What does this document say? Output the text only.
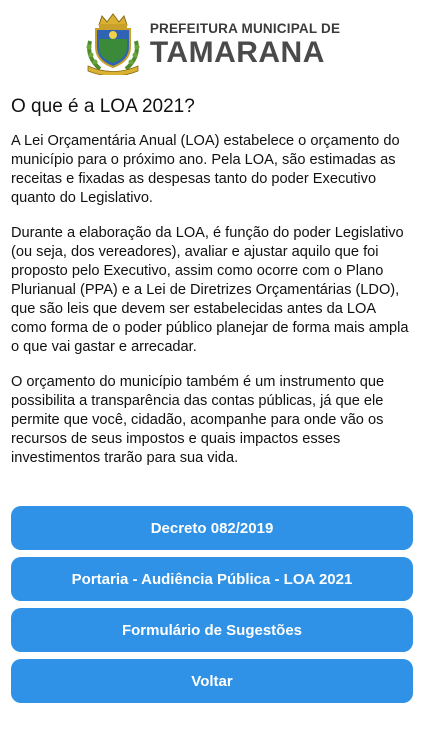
PREFEITURA MUNICIPAL DE
TAMARANA
O que é a LOA 2021?

A Lei Orçamentária Anual (LOA) estabelece o orçamento do município para o próximo ano. Pela LOA, são estimadas as receitas e fixadas as despesas tanto do poder Executivo quanto do Legislativo.

Durante a elaboração da LOA, é função do poder Legislativo (ou seja, dos vereadores), avaliar e ajustar aquilo que foi proposto pelo Executivo, assim como ocorre com o Plano Plurianual (PPA) e a Lei de Diretrizes Orçamentárias (LDO), que são leis que devem ser estabelecidas antes da LOA como forma de o poder público planejar de forma mais ampla o que vai gastar e arrecadar.

O orçamento do município também é um instrumento que possibilita a transparência das contas públicas, já que ele permite que você, cidadão, acompanhe para onde vão os recursos de seus impostos e quais impactos esses investimentos trarão para sua vida.

Decreto 082/2019
Portaria - Audiência Pública - LOA 2021
Formulário de Sugestões
Voltar
